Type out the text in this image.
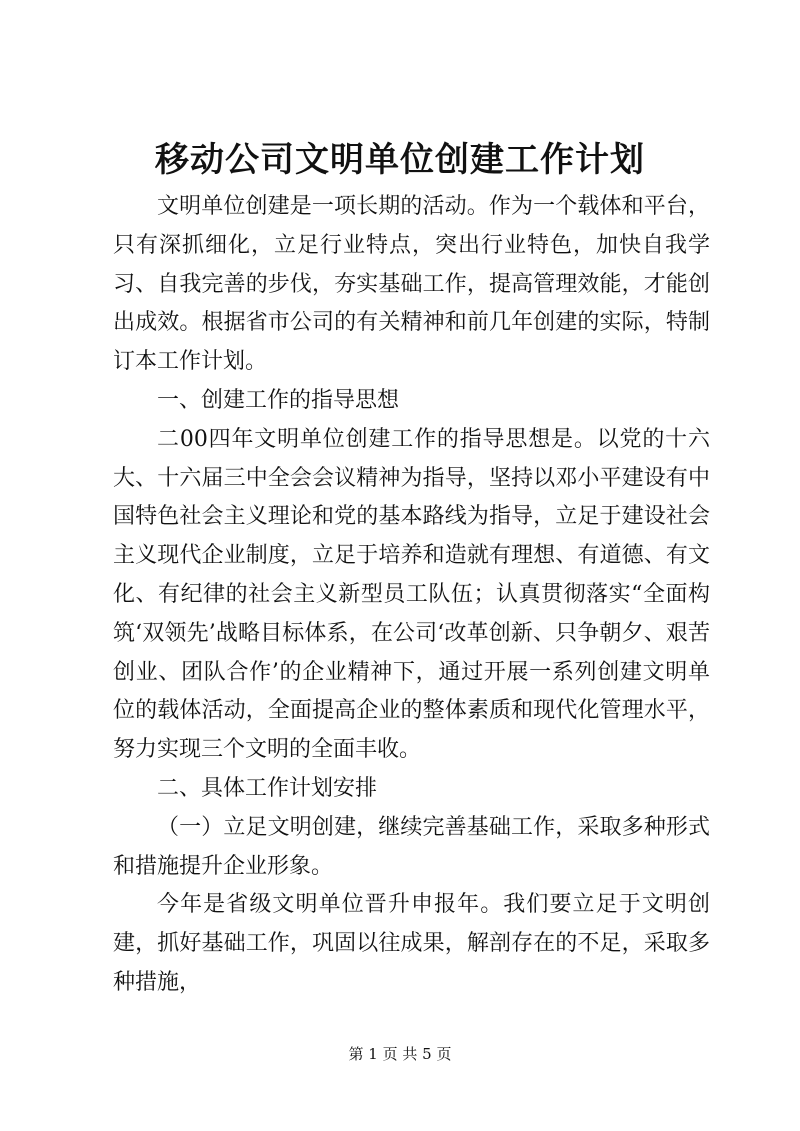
移动公司文明单位创建工作计划

文明单位创建是一项长期的活动。作为一个载体和平台，只有深抓细化，立足行业特点，突出行业特色，加快自我学习、自我完善的步伐，夯实基础工作，提高管理效能，才能创出成效。根据省市公司的有关精神和前几年创建的实际，特制订本工作计划。

一、创建工作的指导思想

二00四年文明单位创建工作的指导思想是。以党的十六大、十六届三中全会会议精神为指导，坚持以邓小平建设有中国特色社会主义理论和党的基本路线为指导，立足于建设社会主义现代企业制度，立足于培养和造就有理想、有道德、有文化、有纪律的社会主义新型员工队伍；认真贯彻落实“全面构筑‘双领先’战略目标体系，在公司‘改革创新、只争朝夕、艰苦创业、团队合作’的企业精神下，通过开展一系列创建文明单位的载体活动，全面提高企业的整体素质和现代化管理水平，努力实现三个文明的全面丰收。

二、具体工作计划安排

（一）立足文明创建，继续完善基础工作，采取多种形式和措施提升企业形象。

今年是省级文明单位晋升申报年。我们要立足于文明创建，抓好基础工作，巩固以往成果，解剖存在的不足，采取多种措施，

第 1 页 共 5 页
